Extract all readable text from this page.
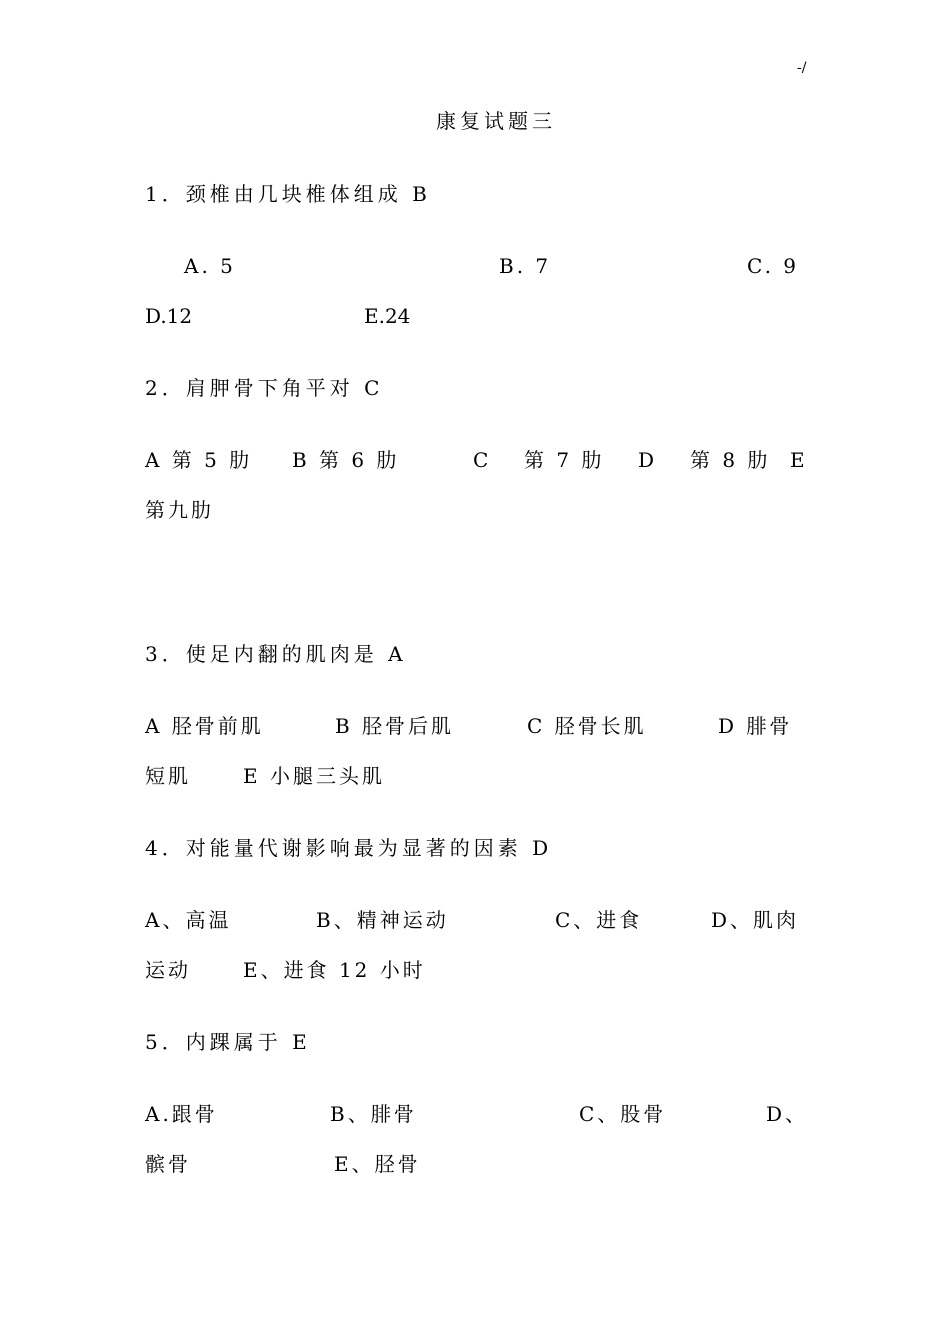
-/
康复试题三
1．颈椎由几块椎体组成 B
A. 5	B. 7	C. 9
D.12	E.24
2．肩胛骨下角平对 C
A 第 5 肋 B 第 6 肋	C 第 7 肋 D 第 8 肋 E
第九肋
3．使足内翻的肌肉是 A
A 胫骨前肌	B 胫骨后肌	C 胫骨长肌	D 腓骨
短肌	E 小腿三头肌
4．对能量代谢影响最为显著的因素 D
A、高温	B、精神运动	C、进食	D、肌肉
运动	E、进食 12 小时
5．内踝属于 E
A.跟骨	B、腓骨	C、股骨	D、
髌骨	E、胫骨
